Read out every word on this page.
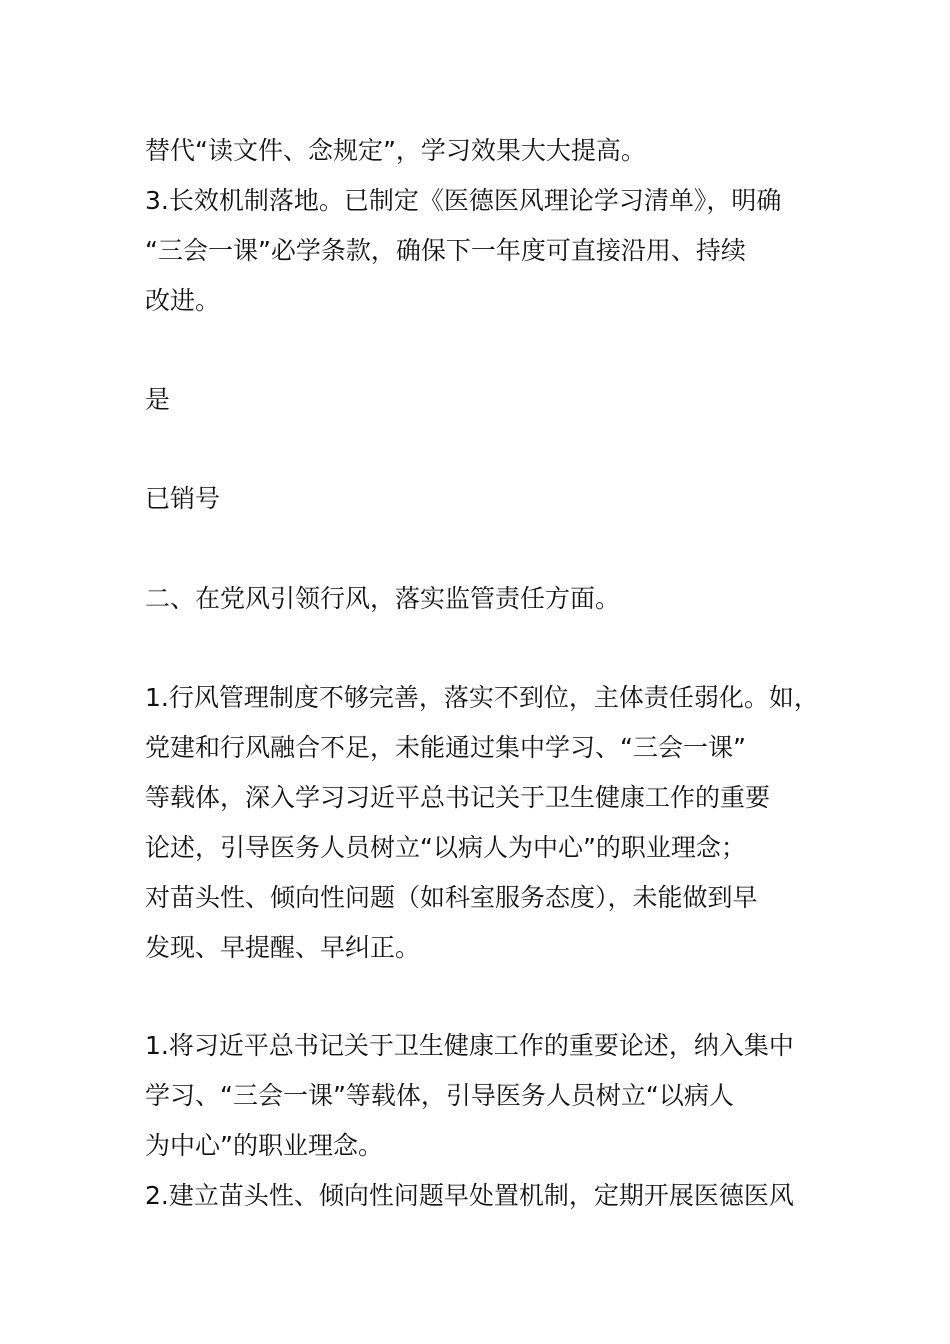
替代“读文件、念规定”，学习效果大大提高。
3.长效机制落地。已制定《医德医风理论学习清单》，明确
“三会一课”必学条款，确保下一年度可直接沿用、持续
改进。
是
已销号
二、在党风引领行风，落实监管责任方面。
1.行风管理制度不够完善，落实不到位，主体责任弱化。如，
党建和行风融合不足，未能通过集中学习、“三会一课”
等载体，深入学习习近平总书记关于卫生健康工作的重要
论述，引导医务人员树立“以病人为中心”的职业理念；
对苗头性、倾向性问题（如科室服务态度），未能做到早
发现、早提醒、早纠正。
1.将习近平总书记关于卫生健康工作的重要论述，纳入集中
学习、“三会一课”等载体，引导医务人员树立“以病人
为中心”的职业理念。
2.建立苗头性、倾向性问题早处置机制，定期开展医德医风
